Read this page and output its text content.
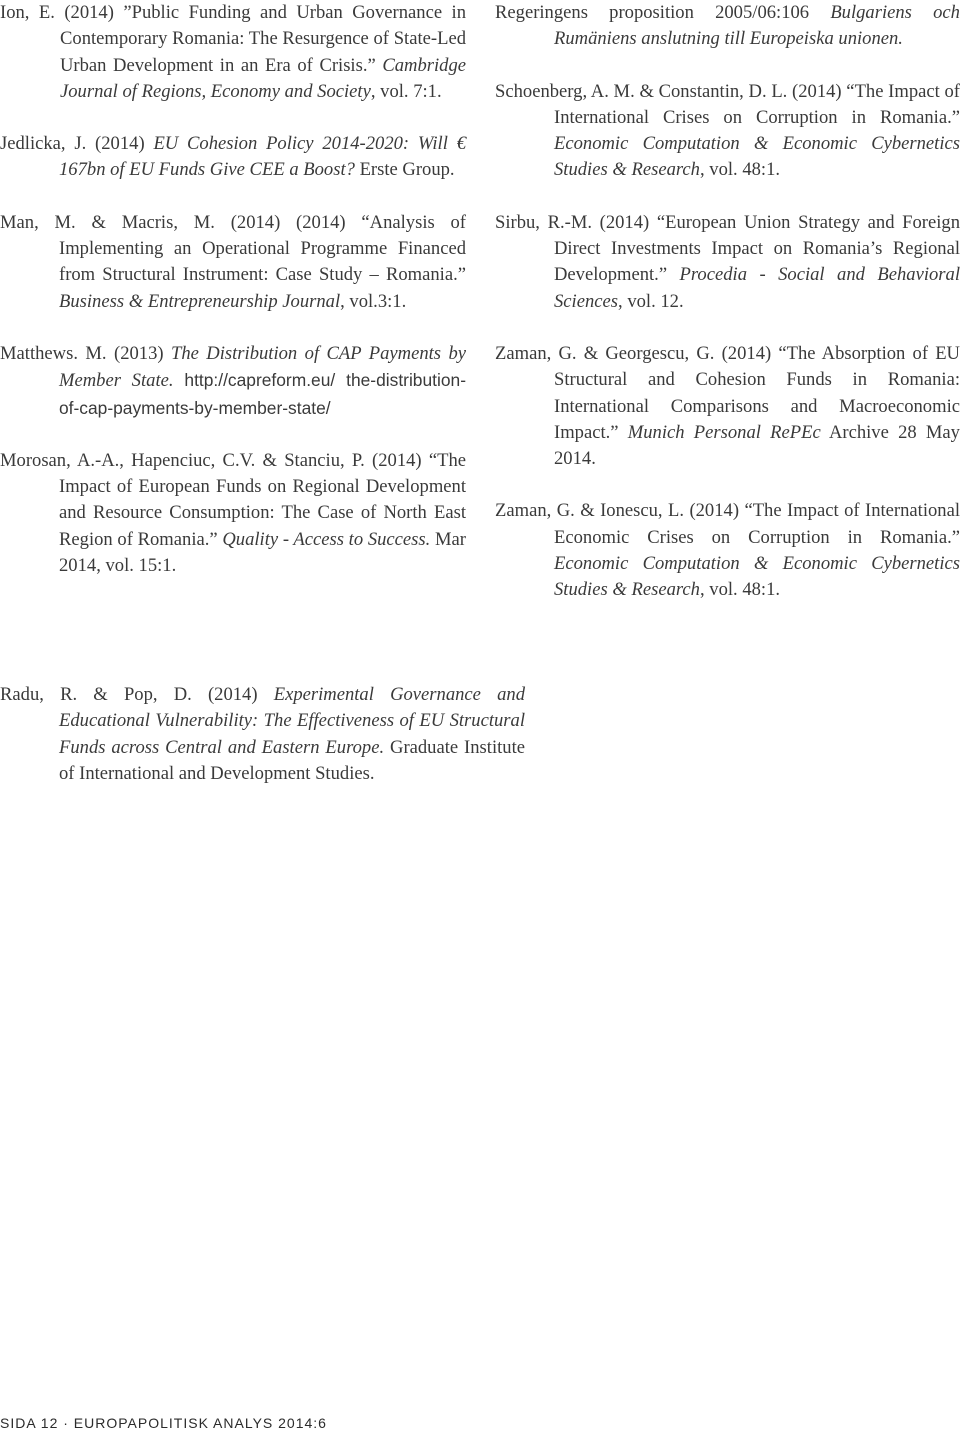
Ion, E. (2014) ”Public Funding and Urban Governance in Contemporary Romania: The Resurgence of State-Led Urban Development in an Era of Crisis.” Cambridge Journal of Regions, Economy and Society, vol. 7:1.

Jedlicka, J. (2014) EU Cohesion Policy 2014-2020: Will € 167bn of EU Funds Give CEE a Boost? Erste Group.

Man, M. & Macris, M. (2014) (2014) “Analysis of Implementing an Operational Programme Financed from Structural Instrument: Case Study – Romania.” Business & Entrepreneurship Journal, vol.3:1.

Matthews. M. (2013) The Distribution of CAP Payments by Member State. http://capreform.eu/ the-distribution-of-cap-payments-by-member-state/

Morosan, A.-A., Hapenciuc, C.V. & Stanciu, P. (2014) “The Impact of European Funds on Regional Development and Resource Consumption: The Case of North East Region of Romania.” Quality - Access to Success. Mar 2014, vol. 15:1.

Regeringens proposition 2005/06:106 Bulgariens och Rumäniens anslutning till Europeiska unionen.

Schoenberg, A. M. & Constantin, D. L. (2014) “The Impact of International Crises on Corruption in Romania.” Economic Computation & Economic Cybernetics Studies & Research, vol. 48:1.

Sirbu, R.-M. (2014) “European Union Strategy and Foreign Direct Investments Impact on Romania’s Regional Development.” Procedia - Social and Behavioral Sciences, vol. 12.

Zaman, G. & Georgescu, G. (2014) “The Absorption of EU Structural and Cohesion Funds in Romania: International Comparisons and Macroeconomic Impact.” Munich Personal RePEc Archive 28 May 2014.

Zaman, G. & Ionescu, L. (2014) “The Impact of International Economic Crises on Corruption in Romania.” Economic Computation & Economic Cybernetics Studies & Research, vol. 48:1.

Radu, R. & Pop, D. (2014) Experimental Governance and Educational Vulnerability: The Effectiveness of EU Structural Funds across Central and Eastern Europe. Graduate Institute of International and Development Studies.

SIDA 12 · EUROPAPOLITISK ANALYS 2014:6
